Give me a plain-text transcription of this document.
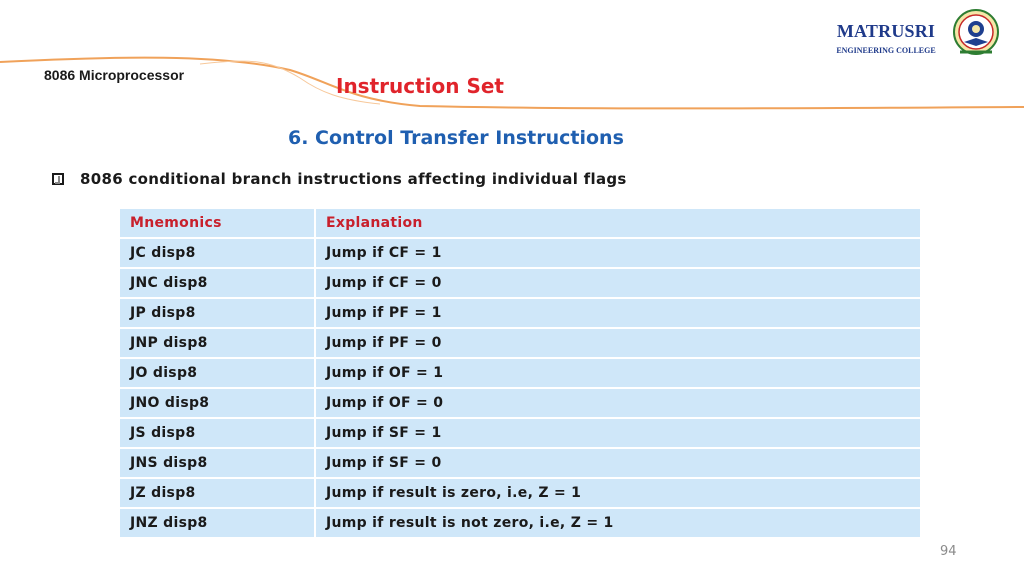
MATRUSRI
ENGINEERING COLLEGE
8086 Microprocessor	Instruction Set
6. Control Transfer Instructions
8086 conditional branch instructions affecting individual flags
Mnemonics	Explanation
JC disp8	Jump if CF = 1
JNC disp8	Jump if CF = 0
JP disp8	Jump if PF = 1
JNP disp8	Jump if PF = 0
JO disp8	Jump if OF = 1
JNO disp8	Jump if OF = 0
JS disp8	Jump if SF = 1
JNS disp8	Jump if SF = 0
JZ disp8	Jump if result is zero, i.e, Z = 1
JNZ disp8	Jump if result is not zero, i.e, Z = 1
94
